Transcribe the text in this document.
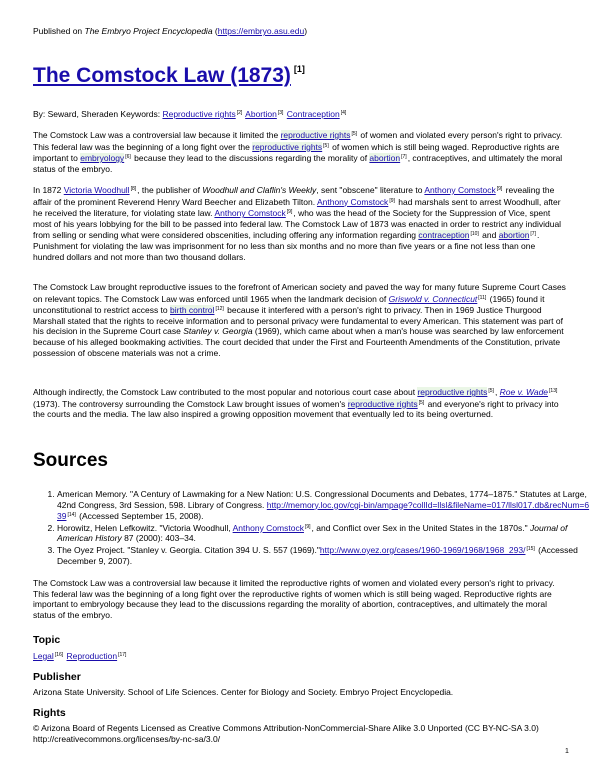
Published on The Embryo Project Encyclopedia (https://embryo.asu.edu)
The Comstock Law (1873) [1]
By: Seward, Sheraden Keywords: Reproductive rights[2] Abortion[3] Contraception[4]
The Comstock Law was a controversial law because it limited the reproductive rights[5] of women and violated every person's right to privacy. This federal law was the beginning of a long fight over the reproductive rights[5] of women which is still being waged. Reproductive rights are important to embryology[6] because they lead to the discussions regarding the morality of abortion[7], contraceptives, and ultimately the moral status of the embryo.
In 1872 Victoria Woodhull[8], the publisher of Woodhull and Claflin's Weekly, sent "obscene" literature to Anthony Comstock[9] revealing the affair of the prominent Reverend Henry Ward Beecher and Elizabeth Tilton. Anthony Comstock[9] had marshals sent to arrest Woodhull, after he received the literature, for violating state law. Anthony Comstock[9], who was the head of the Society for the Suppression of Vice, spent most of his years lobbying for the bill to be passed into federal law. The Comstock Law of 1873 was enacted in order to restrict any individual from selling or sending what were considered obscenities, including offering any information regarding contraception[10] and abortion[7]. Punishment for violating the law was imprisonment for no less than six months and no more than five years or a fine not less than one hundred dollars and not more than two thousand dollars.
The Comstock Law brought reproductive issues to the forefront of American society and paved the way for many future Supreme Court Cases on relevant topics. The Comstock Law was enforced until 1965 when the landmark decision of Griswold v. Connecticut[11] (1965) found it unconstitutional to restrict access to birth control[12] because it interfered with a person's right to privacy. Then in 1969 Justice Thurgood Marshall stated that the rights to receive information and to personal privacy were fundamental to every American. This statement was part of his decision in the Supreme Court case Stanley v. Georgia (1969), which came about when a man's house was searched by law enforcement because of his alleged bookmaking activities. The court decided that under the First and Fourteenth Amendments of the Constitution, private possession of obscene materials was not a crime.
Although indirectly, the Comstock Law contributed to the most popular and notorious court case about reproductive rights[5], Roe v. Wade[13] (1973). The controversy surrounding the Comstock Law brought issues of women's reproductive rights[5] and everyone's right to privacy into the courts and the media. The law also inspired a growing opposition movement that eventually led to its being overturned.
Sources
1. American Memory. "A Century of Lawmaking for a New Nation: U.S. Congressional Documents and Debates, 1774–1875." Statutes at Large, 42nd Congress, 3rd Session, 598. Library of Congress. http://memory.loc.gov/cgi-bin/ampage?collId=llsl&fileName=017/llsl017.db&recNum=639[14] (Accessed September 15, 2008).
2. Horowitz, Helen Lefkowitz. "Victoria Woodhull, Anthony Comstock[9], and Conflict over Sex in the United States in the 1870s." Journal of American History 87 (2000): 403–34.
3. The Oyez Project. "Stanley v. Georgia. Citation 394 U. S. 557 (1969)."http://www.oyez.org/cases/1960-1969/1968/1968_293/[15] (Accessed December 9, 2007).
The Comstock Law was a controversial law because it limited the reproductive rights of women and violated every person's right to privacy. This federal law was the beginning of a long fight over the reproductive rights of women which is still being waged. Reproductive rights are important to embryology because they lead to the discussions regarding the morality of abortion, contraceptives, and ultimately the moral status of the embryo.
Topic
Legal[16] Reproduction[17]
Publisher
Arizona State University. School of Life Sciences. Center for Biology and Society. Embryo Project Encyclopedia.
Rights
© Arizona Board of Regents Licensed as Creative Commons Attribution-NonCommercial-Share Alike 3.0 Unported (CC BY-NC-SA 3.0) http://creativecommons.org/licenses/by-nc-sa/3.0/
1
